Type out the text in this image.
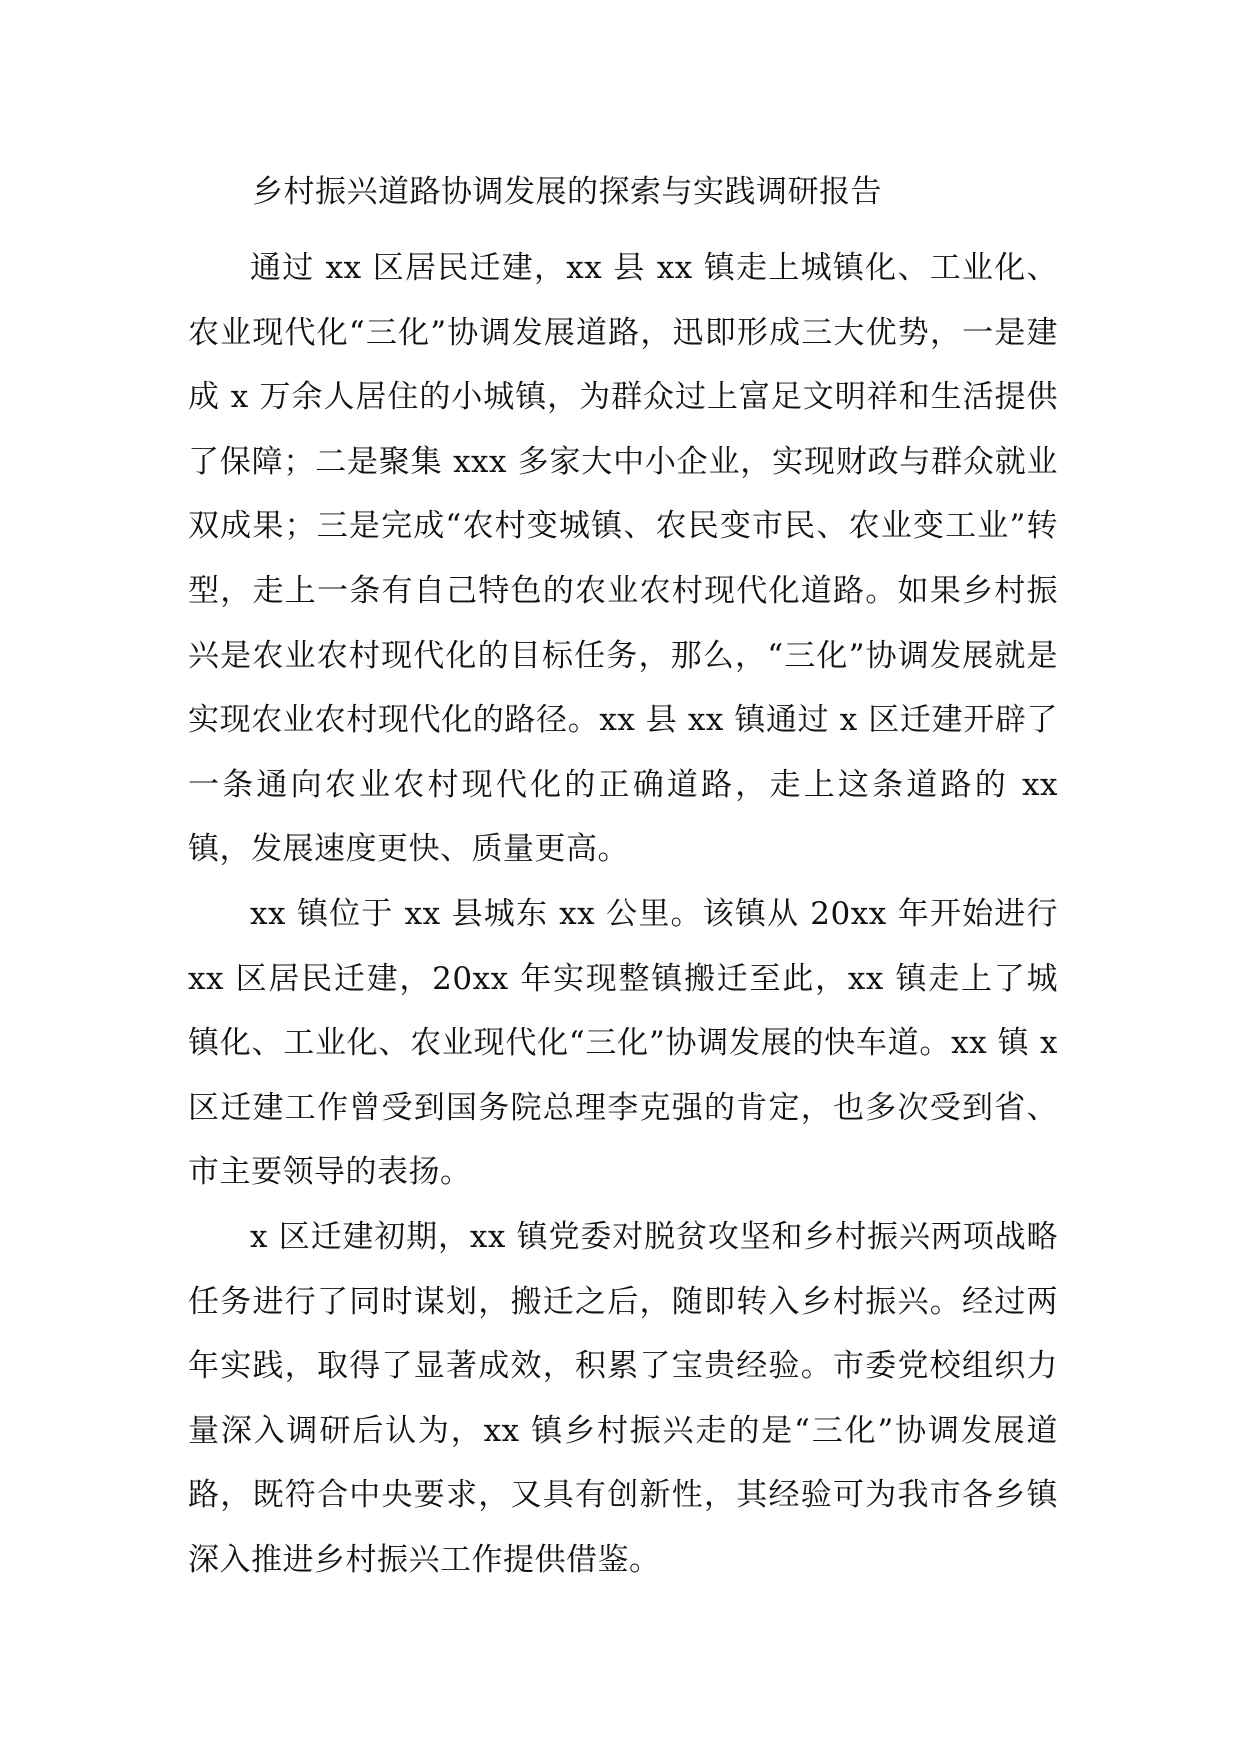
乡村振兴道路协调发展的探索与实践调研报告

通过 xx 区居民迁建，xx 县 xx 镇走上城镇化、工业化、农业现代化“三化”协调发展道路，迅即形成三大优势，一是建成 x 万余人居住的小城镇，为群众过上富足文明祥和生活提供了保障；二是聚集 xxx 多家大中小企业，实现财政与群众就业双成果；三是完成“农村变城镇、农民变市民、农业变工业”转型，走上一条有自己特色的农业农村现代化道路。如果乡村振兴是农业农村现代化的目标任务，那么，“三化”协调发展就是实现农业农村现代化的路径。xx 县 xx 镇通过 x 区迁建开辟了一条通向农业农村现代化的正确道路，走上这条道路的 xx 镇，发展速度更快、质量更高。

xx 镇位于 xx 县城东 xx 公里。该镇从 20xx 年开始进行 xx 区居民迁建，20xx 年实现整镇搬迁至此，xx 镇走上了城镇化、工业化、农业现代化“三化”协调发展的快车道。xx 镇 x 区迁建工作曾受到国务院总理李克强的肯定，也多次受到省、市主要领导的表扬。

x 区迁建初期，xx 镇党委对脱贫攻坚和乡村振兴两项战略任务进行了同时谋划，搬迁之后，随即转入乡村振兴。经过两年实践，取得了显著成效，积累了宝贵经验。市委党校组织力量深入调研后认为，xx 镇乡村振兴走的是“三化”协调发展道路，既符合中央要求，又具有创新性，其经验可为我市各乡镇深入推进乡村振兴工作提供借鉴。
